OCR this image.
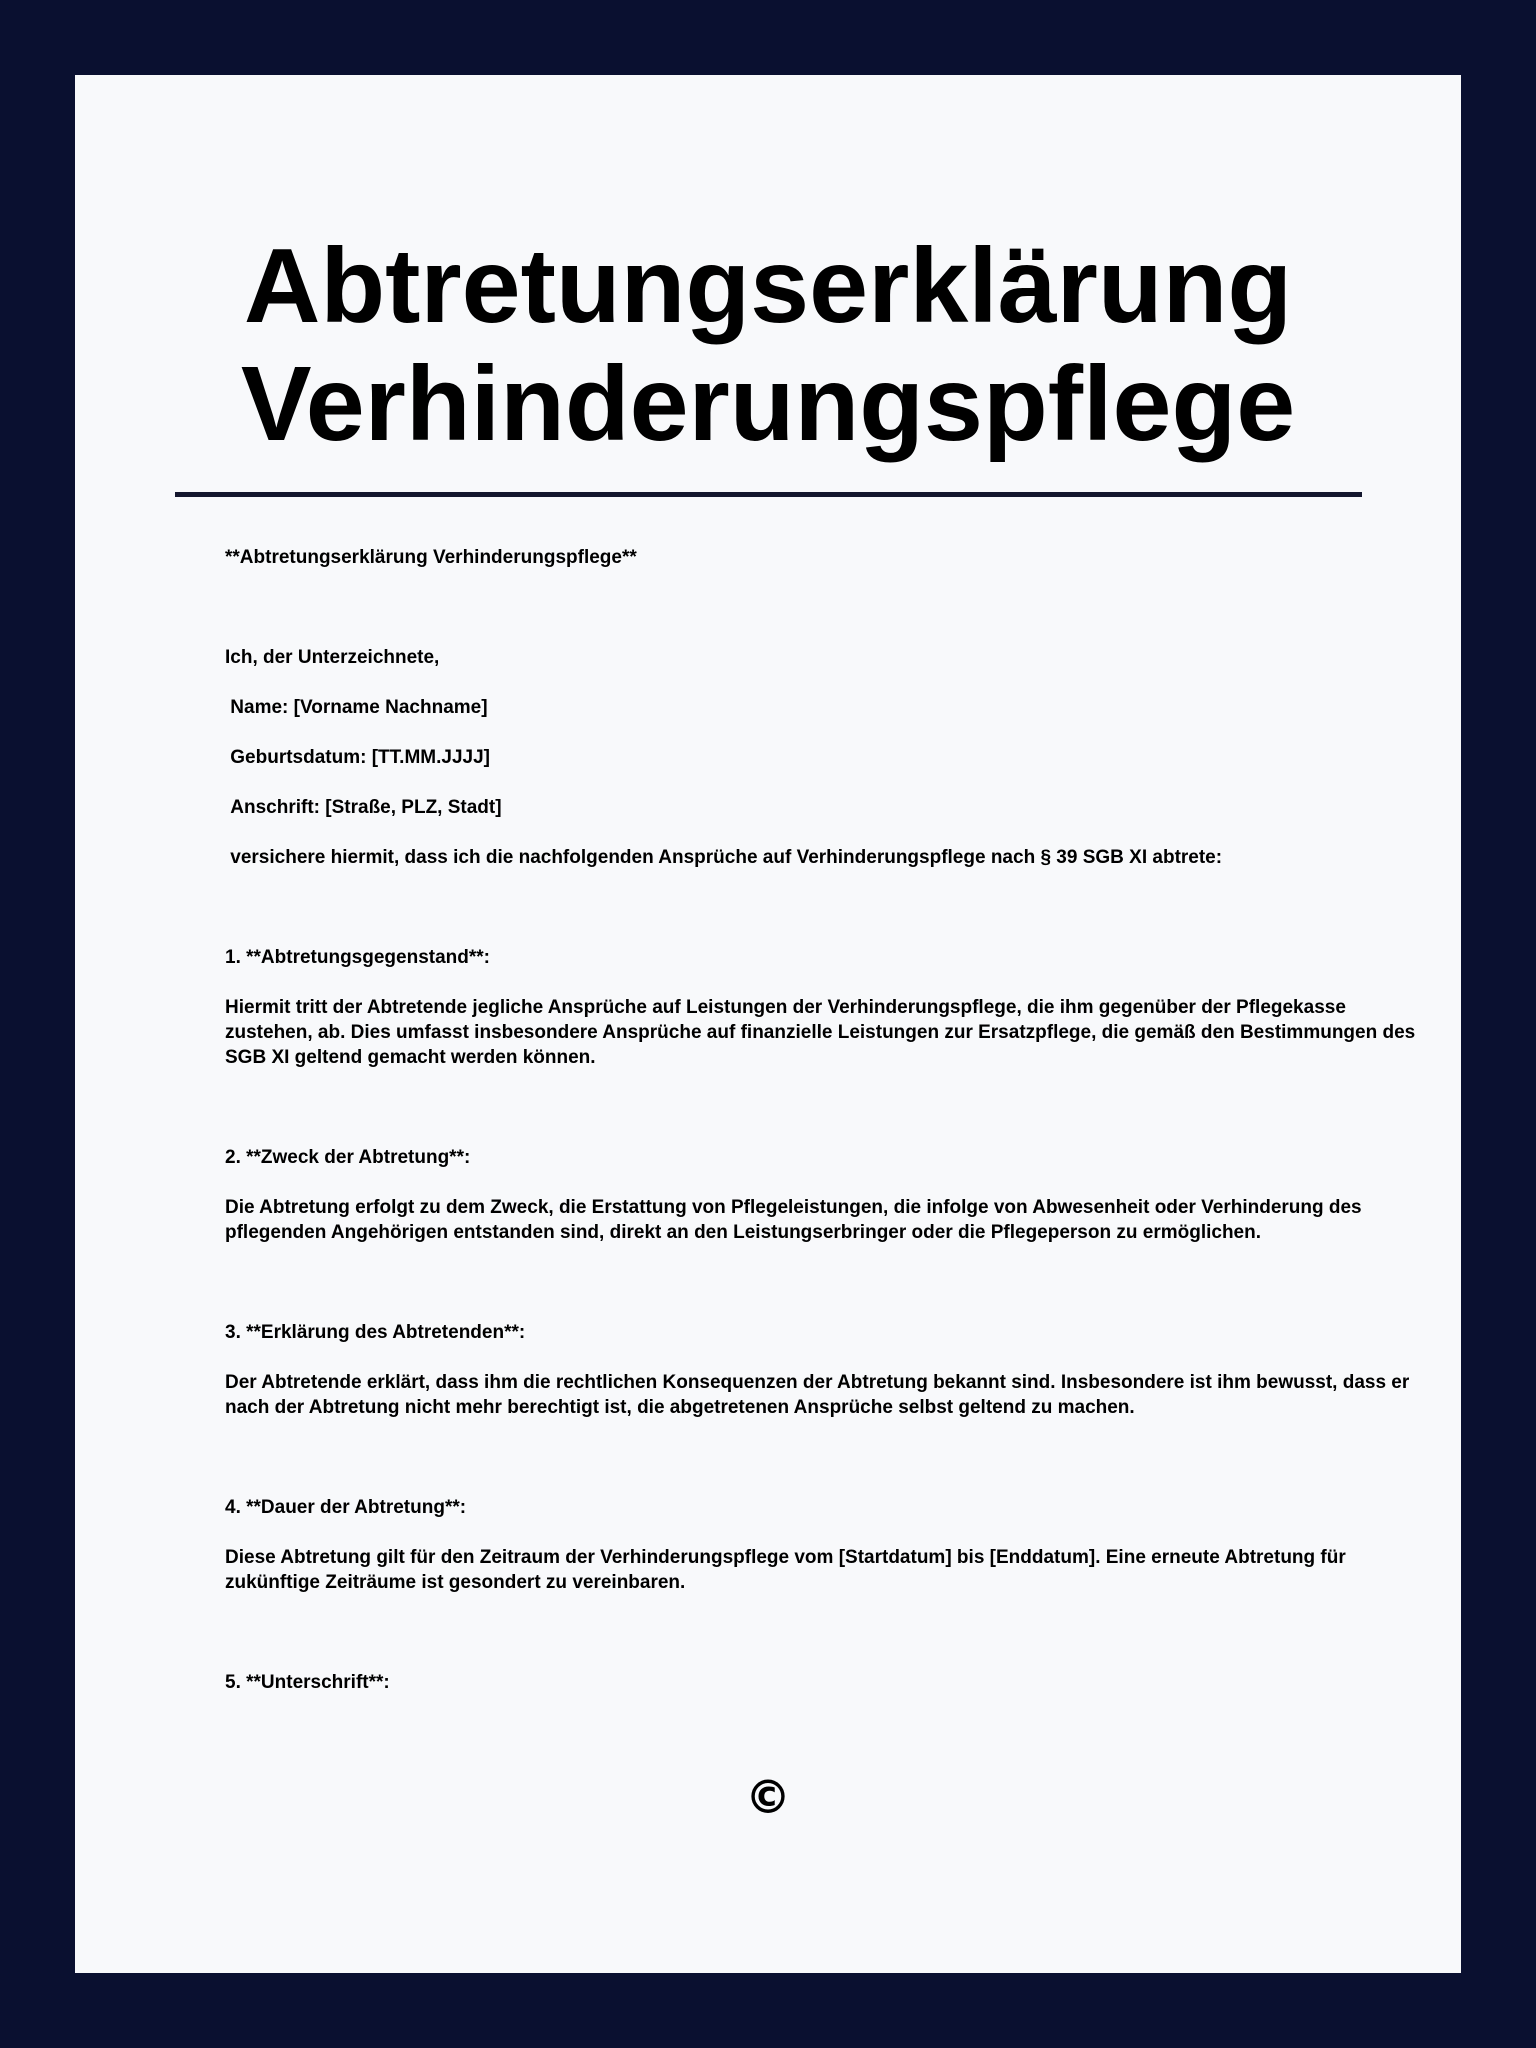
Abtretungserklärung
Verhinderungspflege

**Abtretungserklärung Verhinderungspflege**

Ich, der Unterzeichnete,

Name: [Vorname Nachname]

Geburtsdatum: [TT.MM.JJJJ]

Anschrift: [Straße, PLZ, Stadt]

versichere hiermit, dass ich die nachfolgenden Ansprüche auf Verhinderungspflege nach § 39 SGB XI abtrete:

1. **Abtretungsgegenstand**:

Hiermit tritt der Abtretende jegliche Ansprüche auf Leistungen der Verhinderungspflege, die ihm gegenüber der Pflegekasse zustehen, ab. Dies umfasst insbesondere Ansprüche auf finanzielle Leistungen zur Ersatzpflege, die gemäß den Bestimmungen des SGB XI geltend gemacht werden können.

2. **Zweck der Abtretung**:

Die Abtretung erfolgt zu dem Zweck, die Erstattung von Pflegeleistungen, die infolge von Abwesenheit oder Verhinderung des pflegenden Angehörigen entstanden sind, direkt an den Leistungserbringer oder die Pflegeperson zu ermöglichen.

3. **Erklärung des Abtretenden**:

Der Abtretende erklärt, dass ihm die rechtlichen Konsequenzen der Abtretung bekannt sind. Insbesondere ist ihm bewusst, dass er nach der Abtretung nicht mehr berechtigt ist, die abgetretenen Ansprüche selbst geltend zu machen.

4. **Dauer der Abtretung**:

Diese Abtretung gilt für den Zeitraum der Verhinderungspflege vom [Startdatum] bis [Enddatum]. Eine erneute Abtretung für zukünftige Zeiträume ist gesondert zu vereinbaren.

5. **Unterschrift**:

©
